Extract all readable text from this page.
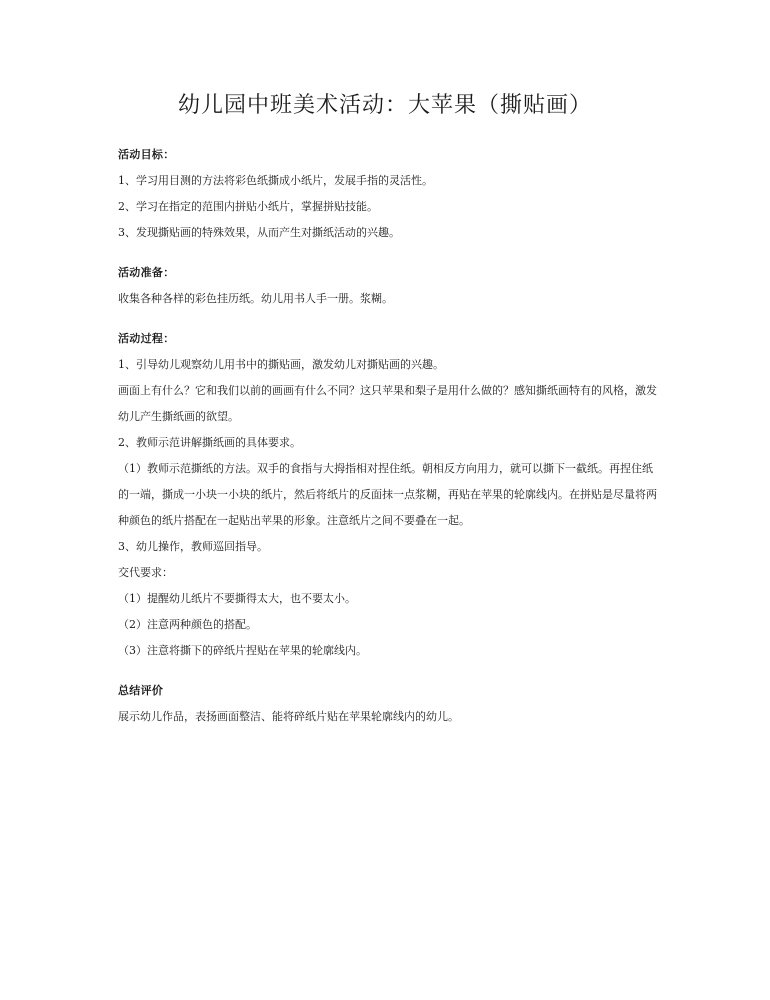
幼儿园中班美术活动：大苹果（撕贴画）
活动目标：
1、学习用目测的方法将彩色纸撕成小纸片，发展手指的灵活性。
2、学习在指定的范围内拼贴小纸片，掌握拼贴技能。
3、发现撕贴画的特殊效果，从而产生对撕纸活动的兴趣。
活动准备：
收集各种各样的彩色挂历纸。幼儿用书人手一册。浆糊。
活动过程：
1、引导幼儿观察幼儿用书中的撕贴画，激发幼儿对撕贴画的兴趣。

画面上有什么？它和我们以前的画画有什么不同？这只苹果和梨子是用什么做的？感知撕纸画特有的风格，激发幼儿产生撕纸画的欲望。

2、教师示范讲解撕纸画的具体要求。

（1）教师示范撕纸的方法。双手的食指与大拇指相对捏住纸。朝相反方向用力，就可以撕下一截纸。再捏住纸的一端，撕成一小块一小块的纸片，然后将纸片的反面抹一点浆糊，再贴在苹果的轮廓线内。在拼贴是尽量将两种颜色的纸片搭配在一起贴出苹果的形象。注意纸片之间不要叠在一起。

3、幼儿操作，教师巡回指导。
交代要求：
（1）提醒幼儿纸片不要撕得太大，也不要太小。
（2）注意两种颜色的搭配。
（3）注意将撕下的碎纸片捏贴在苹果的轮廓线内。
总结评价
展示幼儿作品，表扬画面整洁、能将碎纸片贴在苹果轮廓线内的幼儿。
